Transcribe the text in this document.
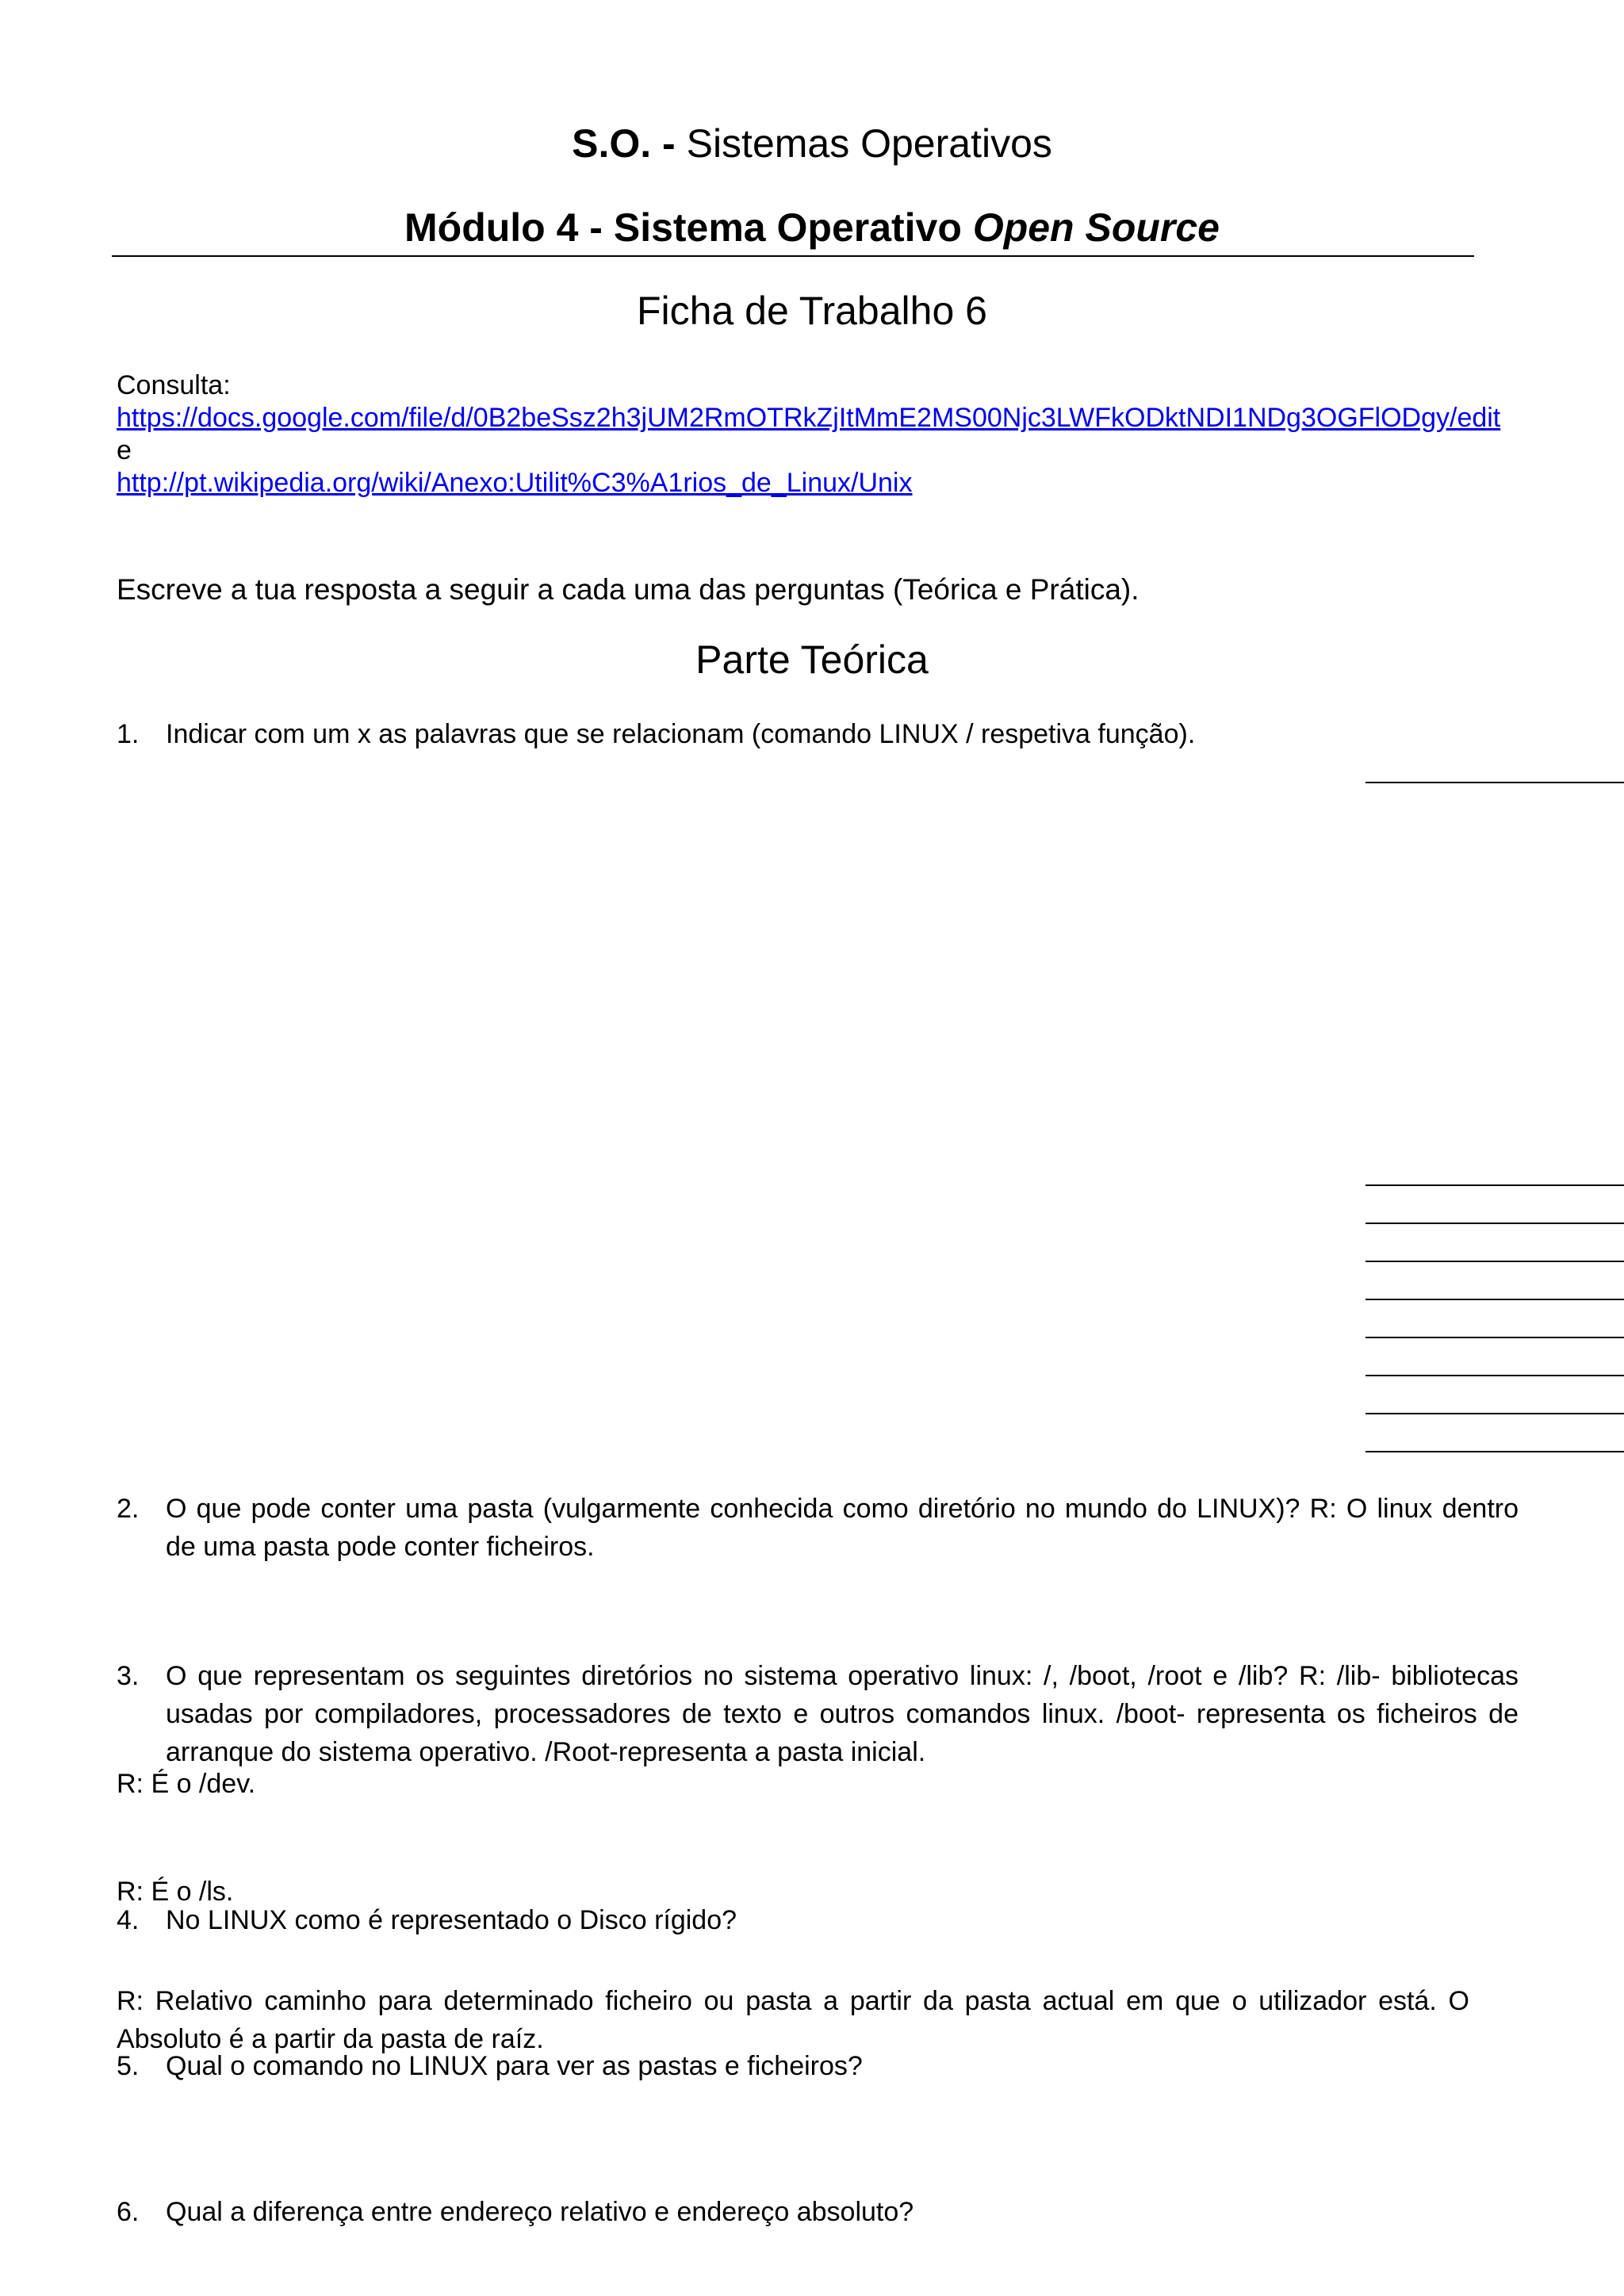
S.O. - Sistemas Operativos
Módulo 4 - Sistema Operativo Open Source
Ficha de Trabalho 6
Consulta:
https://docs.google.com/file/d/0B2beSsz2h3jUM2RmOTRkZjItMmE2MS00Njc3LWFkODktNDI1NDg3OGFlODgy/edit
e
http://pt.wikipedia.org/wiki/Anexo:Utilit%C3%A1rios_de_Linux/Unix
Escreve a tua resposta a seguir a cada uma das perguntas (Teórica e Prática).
Parte Teórica
1. Indicar com um x as palavras que se relacionam (comando LINUX / respetiva função).
2. O que pode conter uma pasta (vulgarmente conhecida como diretório no mundo do LINUX)? R: O linux dentro de uma pasta pode conter ficheiros.
3. O que representam os seguintes diretórios no sistema operativo linux: /, /boot, /root e /lib? R: /lib- bibliotecas usadas por compiladores, processadores de texto e outros comandos linux. /boot- representa os ficheiros de arranque do sistema operativo. /Root-representa a pasta inicial.
4. No LINUX como é representado o Disco rígido?
R: É o /dev.
5. Qual o comando no LINUX para ver as pastas e ficheiros?
R: É o /ls.
6. Qual a diferença entre endereço relativo e endereço absoluto?
R: Relativo caminho para determinado ficheiro ou pasta a partir da pasta actual em que o utilizador está. O Absoluto é a partir da pasta de raíz.
